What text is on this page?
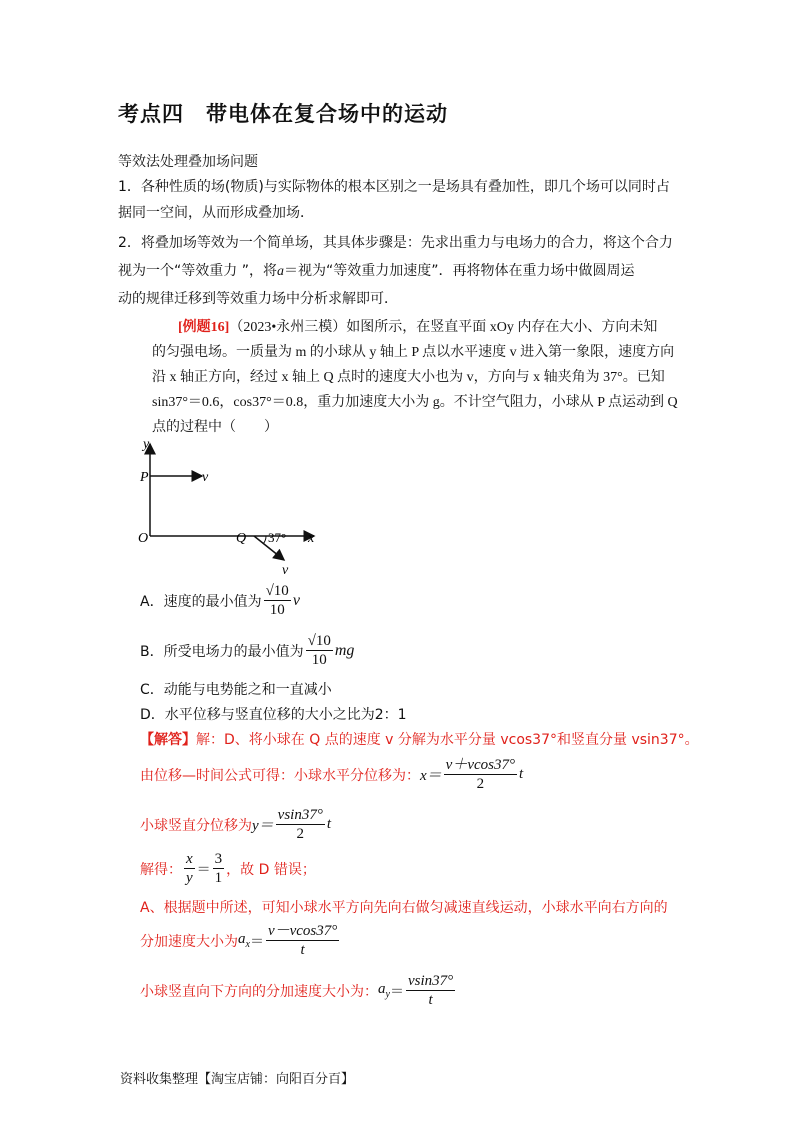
考点四　带电体在复合场中的运动
等效法处理叠加场问题
1．各种性质的场(物质)与实际物体的根本区别之一是场具有叠加性，即几个场可以同时占
据同一空间，从而形成叠加场．
2．将叠加场等效为一个简单场，其具体步骤是：先求出重力与电场力的合力，将这个合力
视为一个“等效重力 ”，将a＝视为“等效重力加速度”．再将物体在重力场中做圆周运
动的规律迁移到等效重力场中分析求解即可．
[例题16]（2023•永州三模）如图所示，在竖直平面 xOy 内存在大小、方向未知
的匀强电场。一质量为 m 的小球从 y 轴上 P 点以水平速度 v 进入第一象限，速度方向
沿 x 轴正方向，经过 x 轴上 Q 点时的速度大小也为 v，方向与 x 轴夹角为 37°。已知
sin37°＝0.6，cos37°＝0.8，重力加速度大小为 g。不计空气阻力，小球从 P 点运动到 Q
点的过程中（　　）
y
x
O
P
Q
v
v
37°
A．速度的最小值为 $\frac{√10}{10}$ v
B．所受电场力的最小值为 $\frac{√10}{10}$ mg
C．动能与电势能之和一直减小
D．水平位移与竖直位移的大小之比为2：1
【解答】解：D、将小球在 Q 点的速度 v 分解为水平分量 vcos37°和竖直分量 vsin37°。
由位移—时间公式可得：小球水平分位移为： $x= \frac{v+vcos37^\circ}{2}$ t
小球竖直分位移为 $y= \frac{vsin37^\circ}{2}$ t
解得： $\frac{x}{y} = \frac{3}{1}$ ，故 D 错误；
A、根据题中所述，可知小球水平方向先向右做匀减速直线运动，小球水平向右方向的
分加速度大小为 $a_x = \frac{v-vcos37^\circ}{t}$
小球竖直向下方向的分加速度大小为： $a_y = \frac{vsin37^\circ}{t}$
资料收集整理【淘宝店铺：向阳百分百】
